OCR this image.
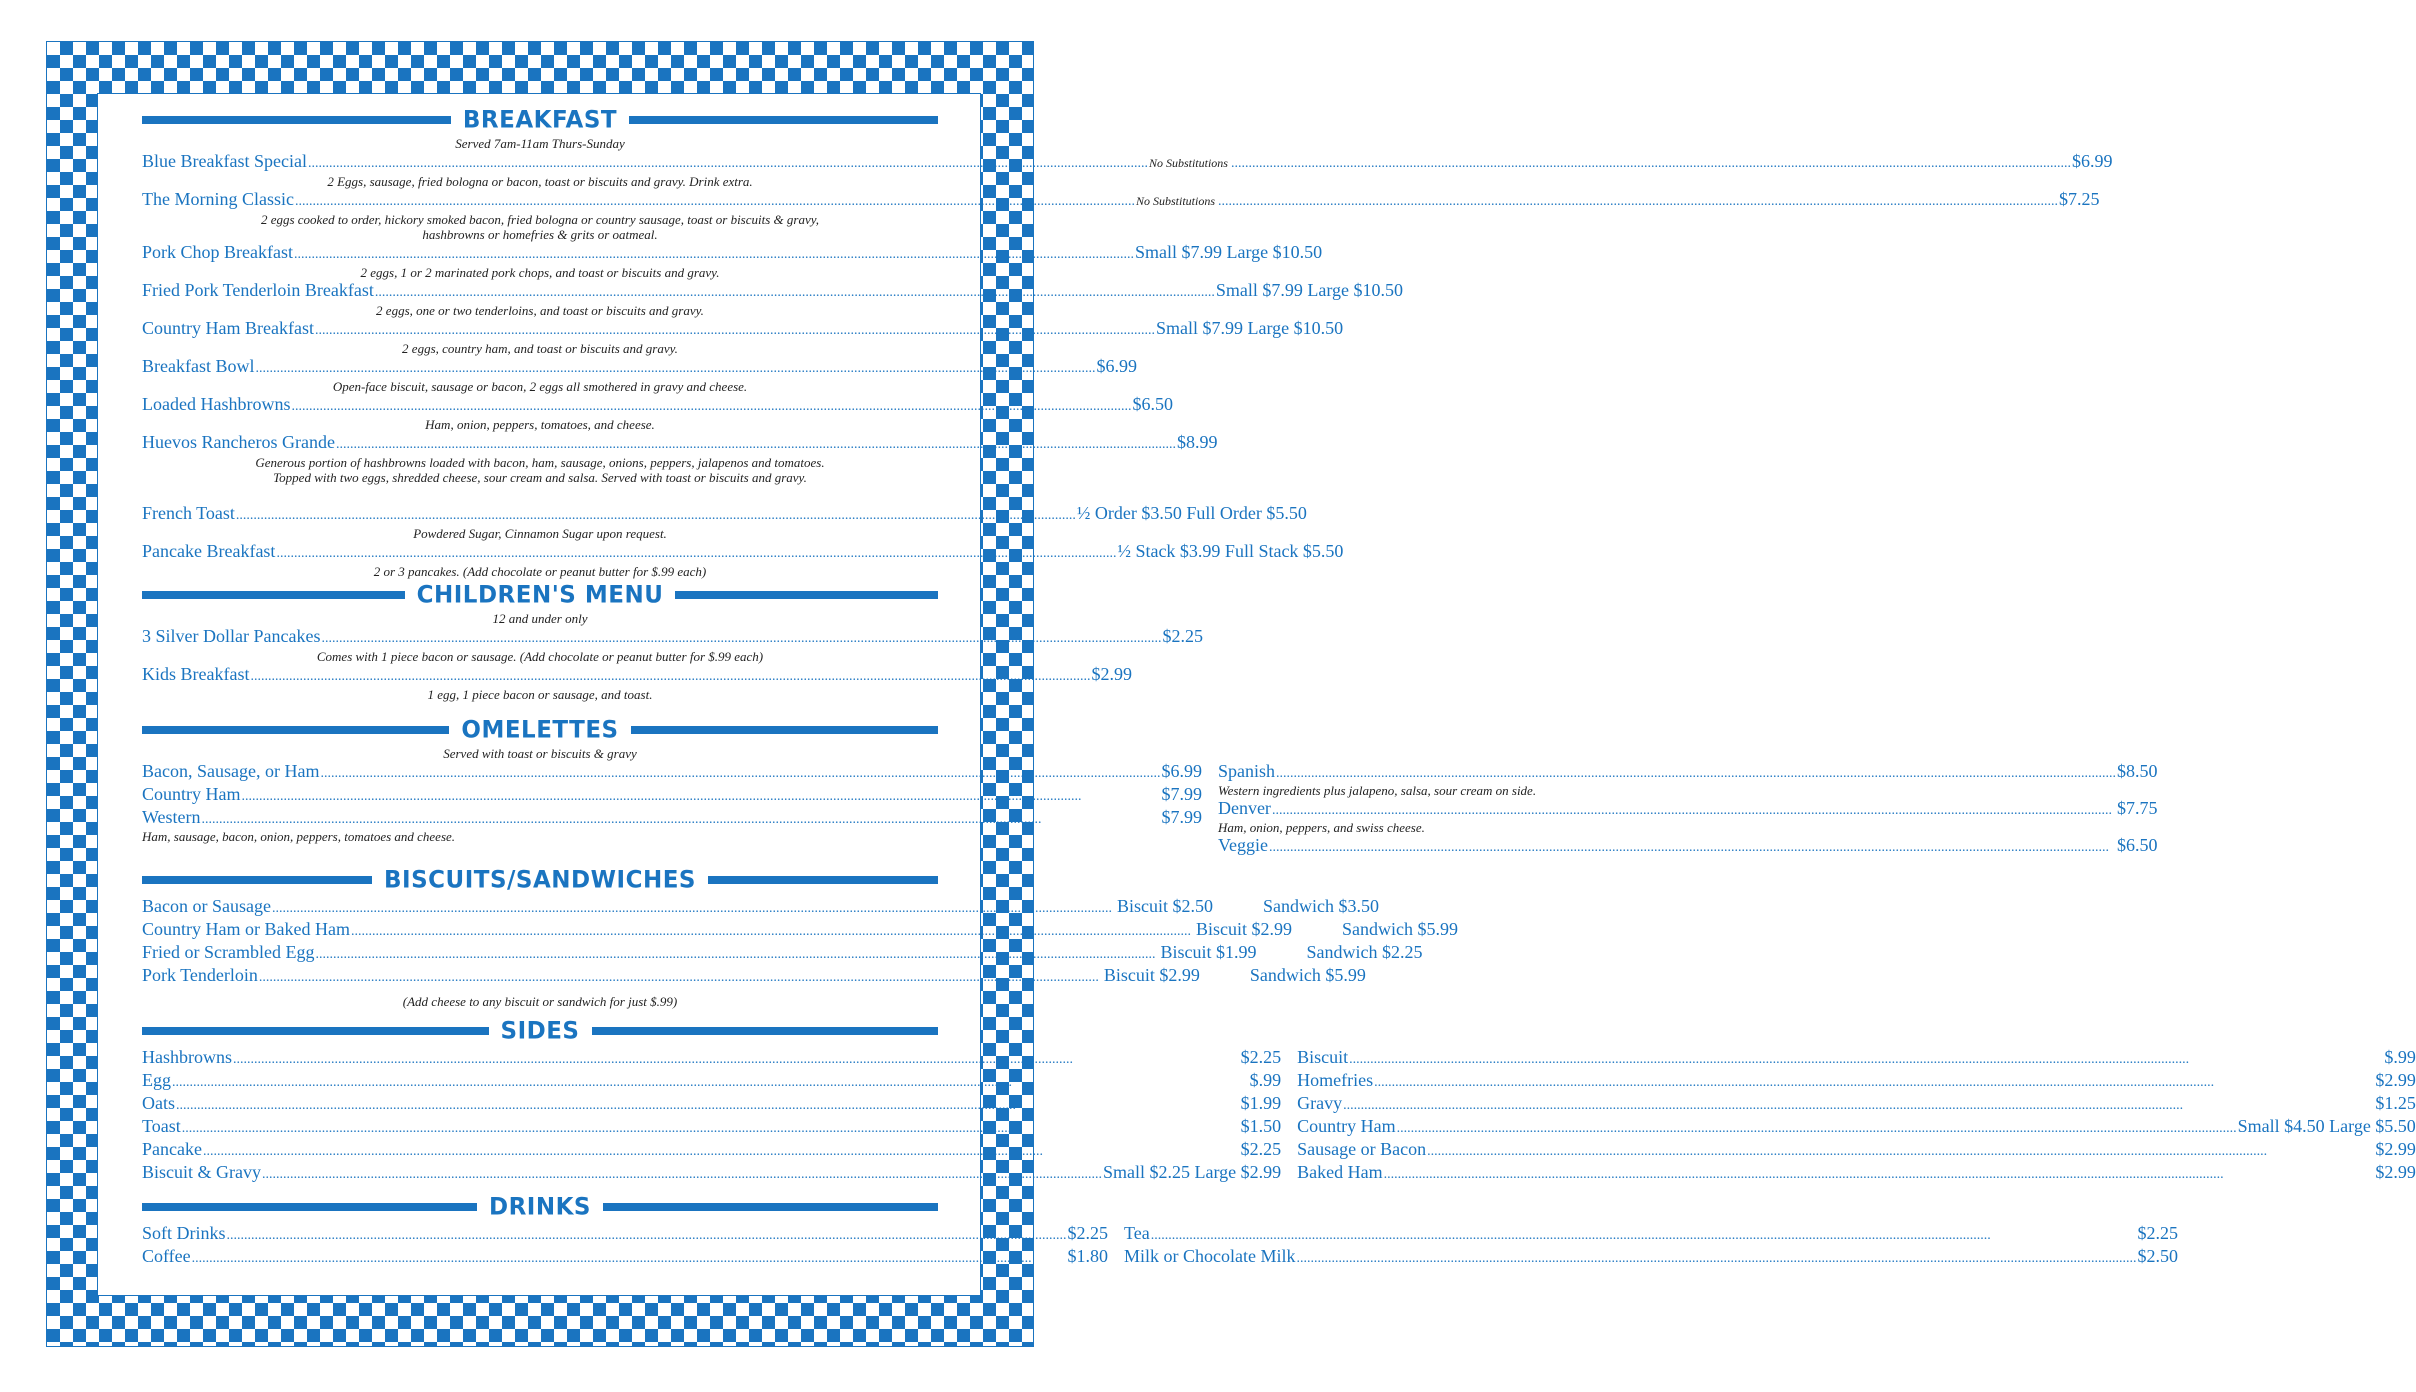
BREAKFAST
Served 7am-11am Thurs-Sunday
Blue Breakfast Special .....	No Substitutions .....	$6.99
2 Eggs, sausage, fried bologna or bacon, toast or biscuits and gravy. Drink extra.
The Morning Classic .....	No Substitutions .....	$7.25
2 eggs cooked to order, hickory smoked bacon, fried bologna or country sausage, toast or biscuits & gravy,
hashbrowns or homefries & grits or oatmeal.
Pork Chop Breakfast .....	Small $7.99 Large $10.50
2 eggs, 1 or 2 marinated pork chops, and toast or biscuits and gravy.
Fried Pork Tenderloin Breakfast .....	Small $7.99 Large $10.50
2 eggs, one or two tenderloins, and toast or biscuits and gravy.
Country Ham Breakfast .....	Small $7.99 Large $10.50
2 eggs, country ham, and toast or biscuits and gravy.
Breakfast Bowl .....	$6.99
Open-face biscuit, sausage or bacon, 2 eggs all smothered in gravy and cheese.
Loaded Hashbrowns .....	$6.50
Ham, onion, peppers, tomatoes, and cheese.
Huevos Rancheros Grande .....	$8.99
Generous portion of hashbrowns loaded with bacon, ham, sausage, onions, peppers, jalapenos and tomatoes.
Topped with two eggs, shredded cheese, sour cream and salsa. Served with toast or biscuits and gravy.
French Toast .....	½ Order $3.50 Full Order $5.50
Powdered Sugar, Cinnamon Sugar upon request.
Pancake Breakfast .....	½ Stack $3.99 Full Stack $5.50
2 or 3 pancakes. (Add chocolate or peanut butter for $.99 each)
CHILDREN'S MENU
12 and under only
3 Silver Dollar Pancakes .....	$2.25
Comes with 1 piece bacon or sausage. (Add chocolate or peanut butter for $.99 each)
Kids Breakfast .....	$2.99
1 egg, 1 piece bacon or sausage, and toast.
OMELETTES
Served with toast or biscuits & gravy
Bacon, Sausage, or Ham .....	$6.99
Country Ham .....	$7.99
Western .....	$7.99
Ham, sausage, bacon, onion, peppers, tomatoes and cheese.
Spanish .....	$8.50
Western ingredients plus jalapeno, salsa, sour cream on side.
Denver .....	$7.75
Ham, onion, peppers, and swiss cheese.
Veggie .....	$6.50
BISCUITS/SANDWICHES
Bacon or Sausage .....	Biscuit $2.50	Sandwich $3.50
Country Ham or Baked Ham .....	Biscuit $2.99	Sandwich $5.99
Fried or Scrambled Egg .....	Biscuit $1.99	Sandwich $2.25
Pork Tenderloin .....	Biscuit $2.99	Sandwich $5.99
(Add cheese to any biscuit or sandwich for just $.99)
SIDES
Hashbrowns .....	$2.25
Egg .....	$.99
Oats .....	$1.99
Toast .....	$1.50
Pancake .....	$2.25
Biscuit & Gravy .....	Small $2.25 Large $2.99
Biscuit .....	$.99
Homefries .....	$2.99
Gravy .....	$1.25
Country Ham .....	Small $4.50 Large $5.50
Sausage or Bacon .....	$2.99
Baked Ham .....	$2.99
DRINKS
Soft Drinks .....	$2.25
Coffee .....	$1.80
Tea .....	$2.25
Milk or Chocolate Milk .....	$2.50
